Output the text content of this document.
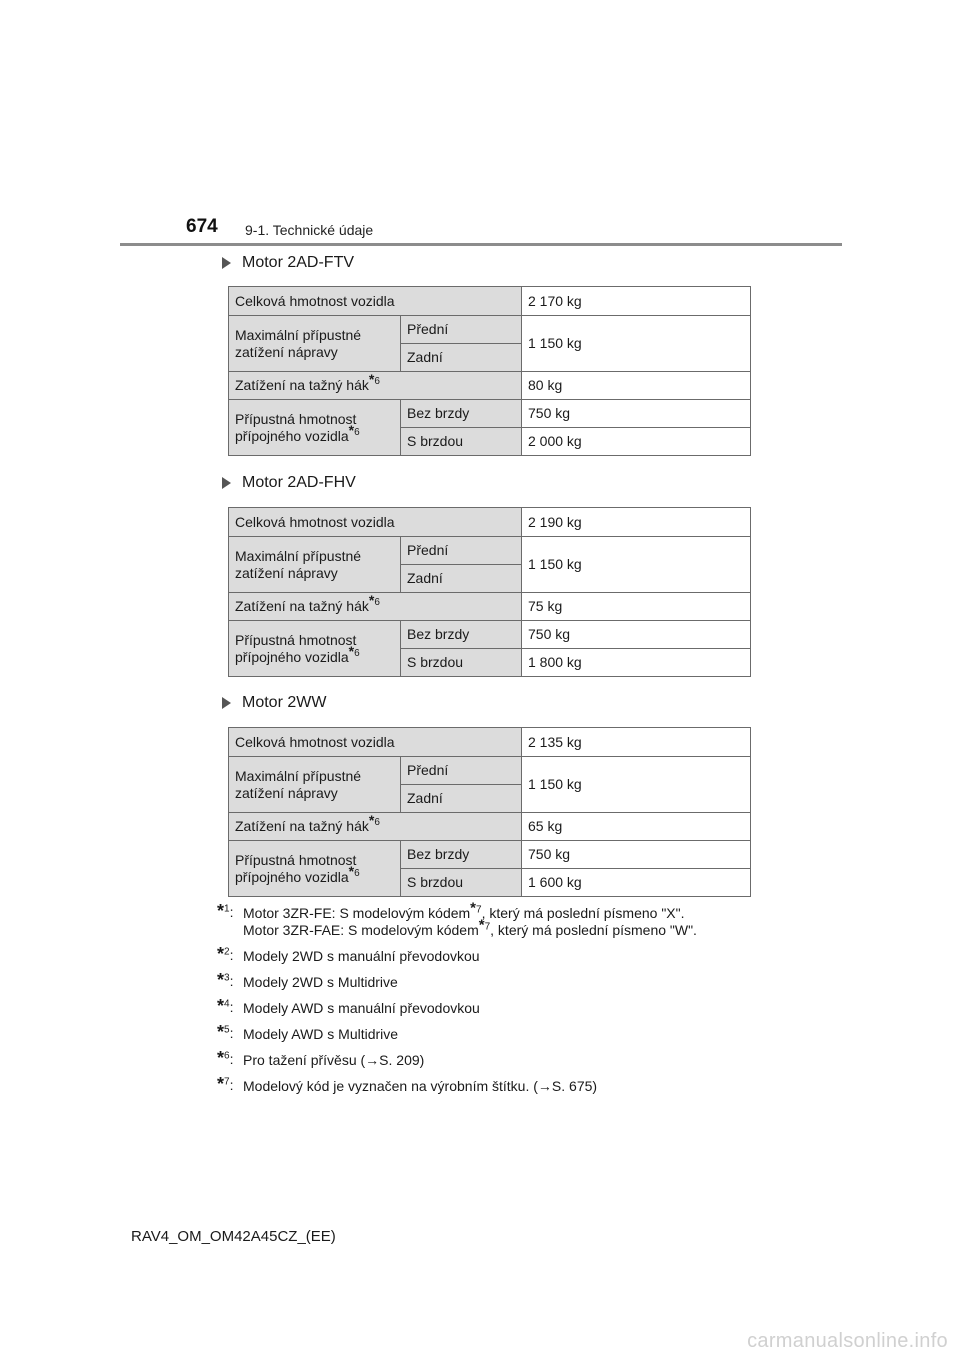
674 9-1. Technické údaje
Motor 2AD-FTV
Celková hmotnost vozidla		2 170 kg
Maximální přípustné zatížení nápravy	Přední	1 150 kg
	Zadní	
Zatížení na tažný hák$^{*6}$		80 kg
Přípustná hmotnost přípojného vozidla$^{*6}$	Bez brzdy	750 kg
	S brzdou	2 000 kg
Motor 2AD-FHV
Celková hmotnost vozidla		2 190 kg
Maximální přípustné zatížení nápravy	Přední	1 150 kg
	Zadní	
Zatížení na tažný hák$^{*6}$		75 kg
Přípustná hmotnost přípojného vozidla$^{*6}$	Bez brzdy	750 kg
	S brzdou	1 800 kg
Motor 2WW
Celková hmotnost vozidla		2 135 kg
Maximální přípustné zatížení nápravy	Přední	1 150 kg
	Zadní	
Zatížení na tažný hák$^{*6}$		65 kg
Přípustná hmotnost přípojného vozidla$^{*6}$	Bez brzdy	750 kg
	S brzdou	1 600 kg
*$^1$: Motor 3ZR-FE: S modelovým kódem*$^7$, který má poslední písmeno "X".
Motor 3ZR-FAE: S modelovým kódem*$^7$, který má poslední písmeno "W".
*$^2$: Modely 2WD s manuální převodovkou
*$^3$: Modely 2WD s Multidrive
*$^4$: Modely AWD s manuální převodovkou
*$^5$: Modely AWD s Multidrive
*$^6$: Pro tažení přívěsu (→S. 209)
*$^7$: Modelový kód je vyznačen na výrobním štítku. (→S. 675)
RAV4_OM_OM42A45CZ_(EE)
carmanualsonline.info
